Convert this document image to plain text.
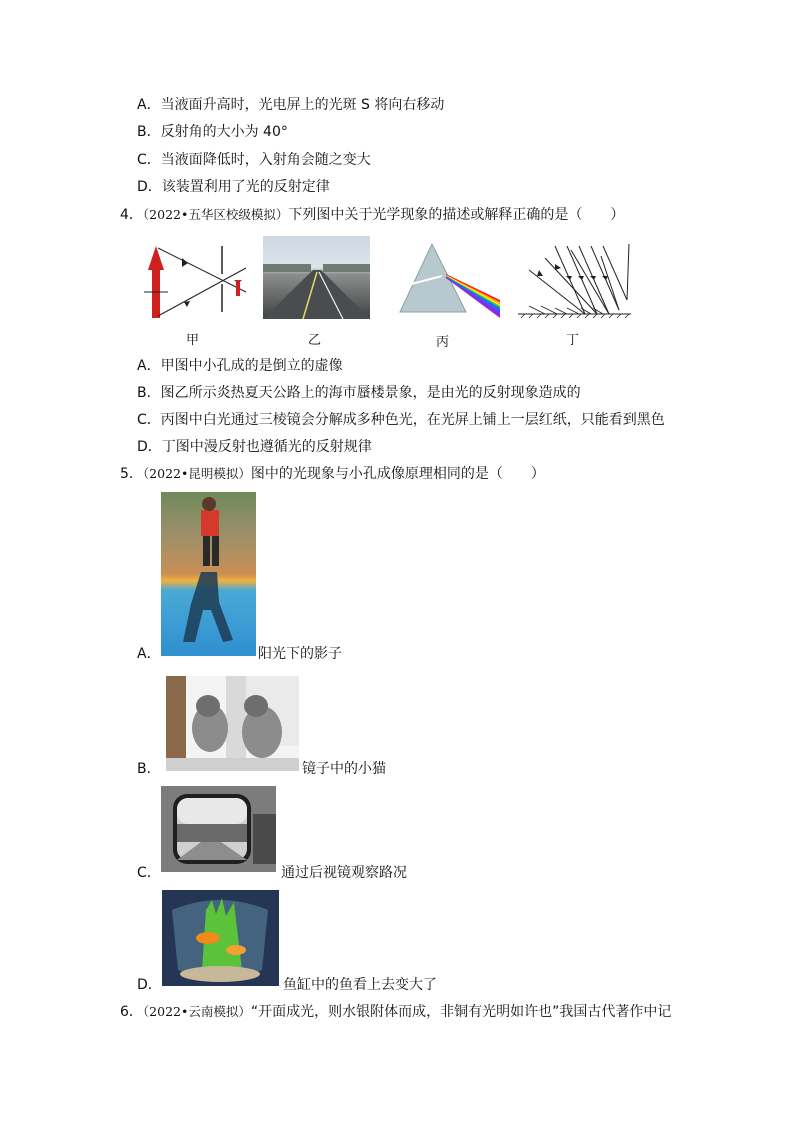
A．当液面升高时，光电屏上的光斑 S 将向右移动
B．反射角的大小为 40°
C．当液面降低时，入射角会随之变大
D．该装置利用了光的反射定律
4．（2022•五华区校级模拟）下列图中关于光学现象的描述或解释正确的是（　　）
甲	乙	丙	丁
A．甲图中小孔成的是倒立的虚像
B．图乙所示炎热夏天公路上的海市蜃楼景象，是由光的反射现象造成的
C．丙图中白光通过三棱镜会分解成多种色光，在光屏上铺上一层红纸，只能看到黑色
D．丁图中漫反射也遵循光的反射规律
5．（2022•昆明模拟）图中的光现象与小孔成像原理相同的是（　　）
A．	阳光下的影子
B．	镜子中的小猫
C．	通过后视镜观察路况
D．	鱼缸中的鱼看上去变大了
6．（2022•云南模拟）“开面成光，则水银附体而成，非铜有光明如许也”我国古代著作中记
